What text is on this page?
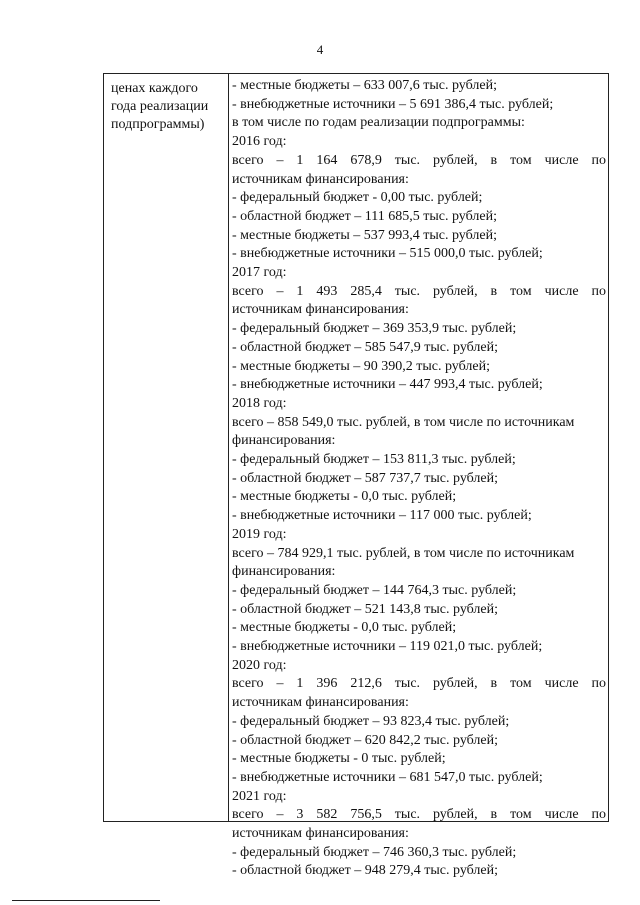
4
ценах каждого
года реализации
подпрограммы)
- местные бюджеты – 633 007,6 тыс. рублей;
- внебюджетные источники – 5 691 386,4 тыс. рублей;
в том числе по годам реализации подпрограммы:
2016 год:
всего – 1 164 678,9 тыс. рублей, в том числе по
источникам финансирования:
- федеральный бюджет - 0,00 тыс. рублей;
- областной бюджет – 111 685,5 тыс. рублей;
- местные бюджеты – 537 993,4 тыс. рублей;
- внебюджетные источники – 515 000,0 тыс. рублей;
2017 год:
всего – 1 493 285,4 тыс. рублей, в том числе по
источникам финансирования:
- федеральный бюджет – 369 353,9 тыс. рублей;
- областной бюджет – 585 547,9 тыс. рублей;
- местные бюджеты – 90 390,2 тыс. рублей;
- внебюджетные источники – 447 993,4 тыс. рублей;
2018 год:
всего – 858 549,0 тыс. рублей, в том числе по источникам
финансирования:
- федеральный бюджет – 153 811,3 тыс. рублей;
- областной бюджет – 587 737,7 тыс. рублей;
- местные бюджеты - 0,0 тыс. рублей;
- внебюджетные источники – 117 000 тыс. рублей;
2019 год:
всего – 784 929,1 тыс. рублей, в том числе по источникам
финансирования:
- федеральный бюджет – 144 764,3 тыс. рублей;
- областной бюджет – 521 143,8 тыс. рублей;
- местные бюджеты - 0,0 тыс. рублей;
- внебюджетные источники – 119 021,0 тыс. рублей;
2020 год:
всего – 1 396 212,6 тыс. рублей, в том числе по
источникам финансирования:
- федеральный бюджет – 93 823,4 тыс. рублей;
- областной бюджет – 620 842,2 тыс. рублей;
- местные бюджеты - 0 тыс. рублей;
- внебюджетные источники – 681 547,0 тыс. рублей;
2021 год:
всего – 3 582 756,5 тыс. рублей, в том числе по
источникам финансирования:
- федеральный бюджет – 746 360,3 тыс. рублей;
- областной бюджет – 948 279,4 тыс. рублей;
